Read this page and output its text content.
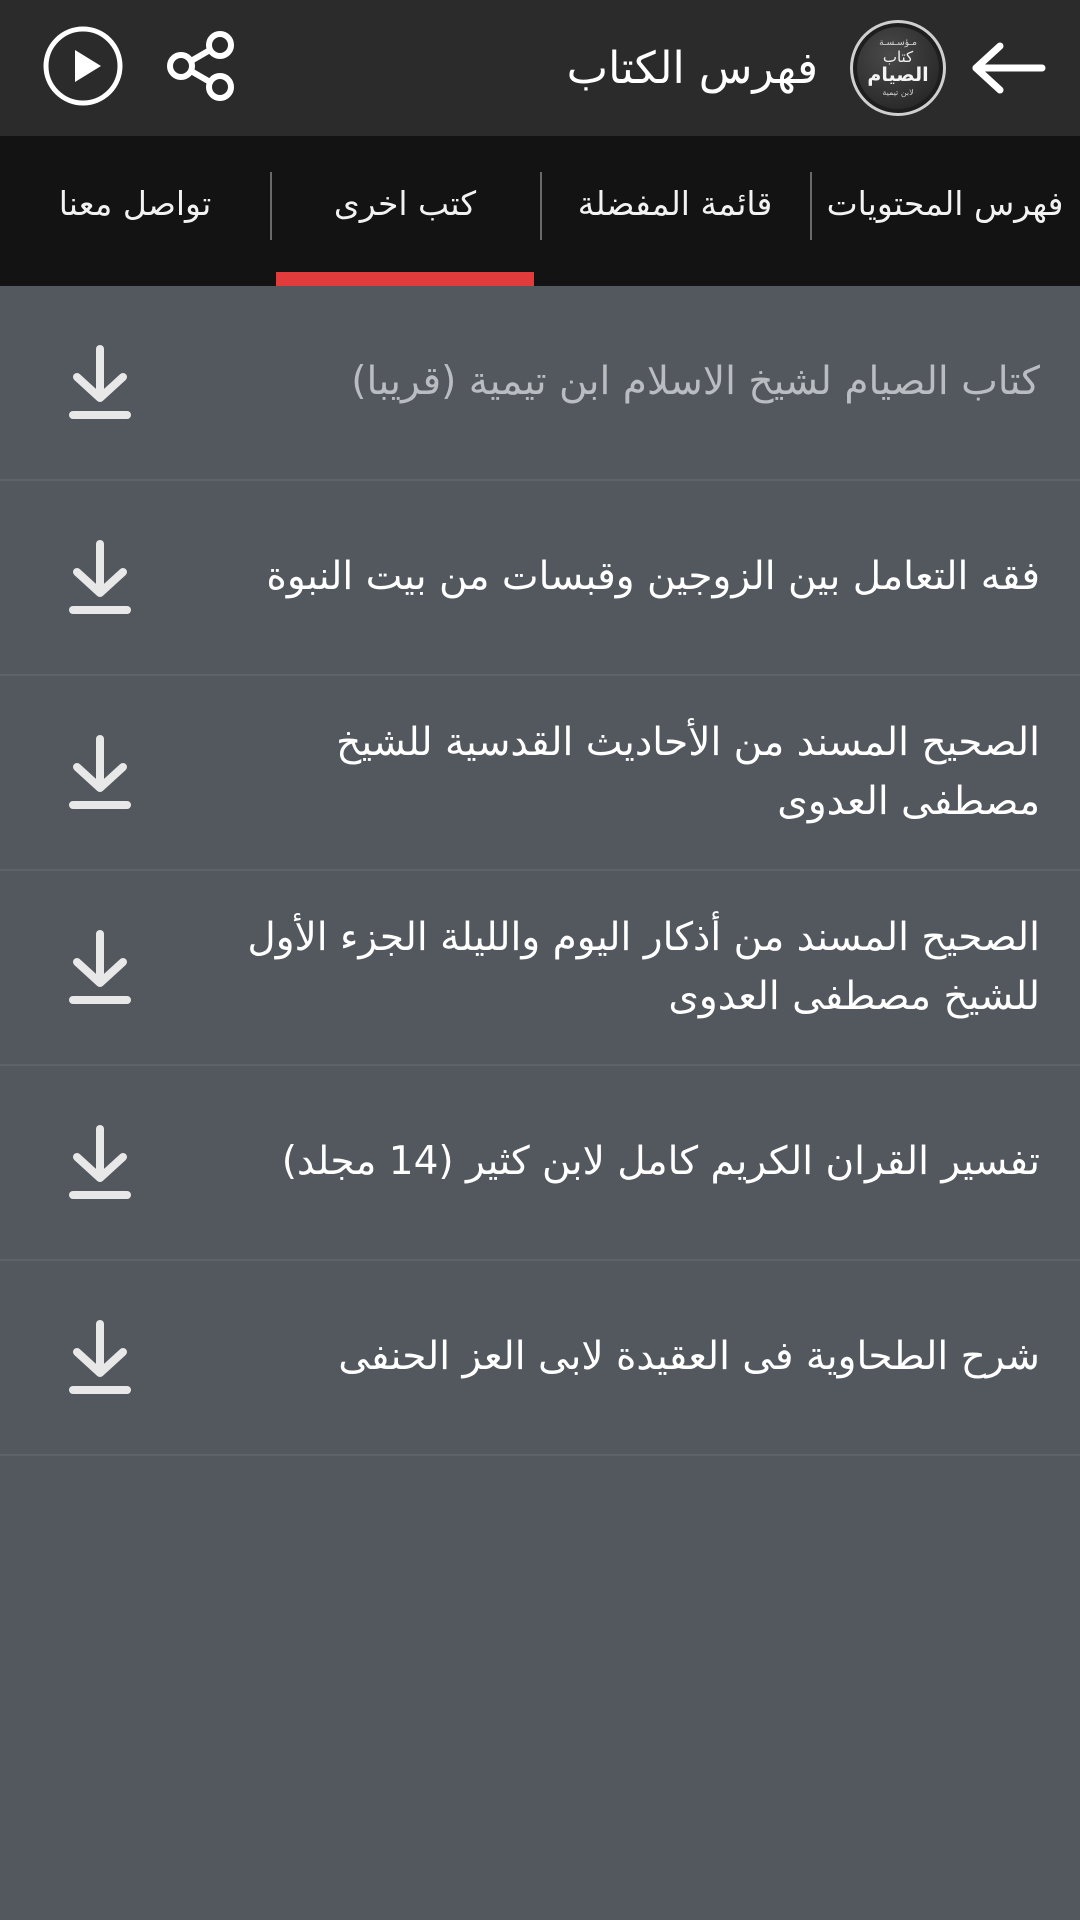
مـؤسـسـة
كتاب
الصيام
لابن تيمية
فهرس الكتاب
فهرس المحتويات
قائمة المفضلة
كتب اخرى
تواصل معنا
كتاب الصيام لشيخ الاسلام ابن تيمية (قريبا)
فقه التعامل بين الزوجين وقبسات من بيت النبوة
الصحيح المسند من الأحاديث القدسية للشيخ مصطفى العدوى
الصحيح المسند من أذكار اليوم والليلة الجزء الأول للشيخ مصطفى العدوى
تفسير القران الكريم كامل لابن كثير (14 مجلد)
شرح الطحاوية فى العقيدة لابى العز الحنفى
